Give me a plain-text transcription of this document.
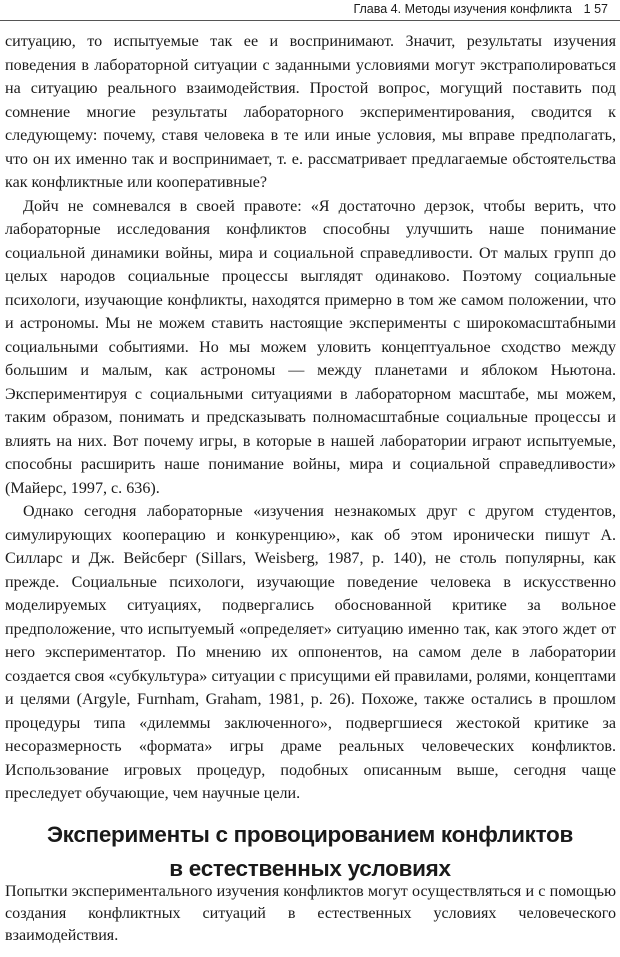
Глава 4. Методы изучения конфликта 1 57

ситуацию, то испытуемые так ее и воспринимают. Значит, результаты изучения поведения в лабораторной ситуации с заданными условиями могут экстраполироваться на ситуацию реального взаимодействия. Простой вопрос, могущий поставить под сомнение многие результаты лабораторного экспериментирования, сводится к следующему: почему, ставя человека в те или иные условия, мы вправе предполагать, что он их именно так и воспринимает, т. е. рассматривает предлагаемые обстоятельства как конфликтные или кооперативные?

Дойч не сомневался в своей правоте: «Я достаточно дерзок, чтобы верить, что лабораторные исследования конфликтов способны улучшить наше понимание социальной динамики войны, мира и социальной справедливости. От малых групп до целых народов социальные процессы выглядят одинаково. Поэтому социальные психологи, изучающие конфликты, находятся примерно в том же самом положении, что и астрономы. Мы не можем ставить настоящие эксперименты с широкомасштабными социальными событиями. Но мы можем уловить концептуальное сходство между большим и малым, как астрономы — между планетами и яблоком Ньютона. Экспериментируя с социальными ситуациями в лабораторном масштабе, мы можем, таким образом, понимать и предсказывать полномасштабные социальные процессы и влиять на них. Вот почему игры, в которые в нашей лаборатории играют испытуемые, способны расширить наше понимание войны, мира и социальной справедливости» (Майерс, 1997, с. 636).

Однако сегодня лабораторные «изучения незнакомых друг с другом студентов, симулирующих кооперацию и конкуренцию», как об этом иронически пишут А. Силларс и Дж. Вейсберг (Sillars, Weisberg, 1987, p. 140), не столь популярны, как прежде. Социальные психологи, изучающие поведение человека в искусственно моделируемых ситуациях, подвергались обоснованной критике за вольное предположение, что испытуемый «определяет» ситуацию именно так, как этого ждет от него экспериментатор. По мнению их оппонентов, на самом деле в лаборатории создается своя «субкультура» ситуации с присущими ей правилами, ролями, концептами и целями (Argyle, Furnham, Graham, 1981, p. 26). Похоже, также остались в прошлом процедуры типа «дилеммы заключенного», подвергшиеся жестокой критике за несоразмерность «формата» игры драме реальных человеческих конфликтов. Использование игровых процедур, подобных описанным выше, сегодня чаще преследует обучающие, чем научные цели.

Эксперименты с провоцированием конфликтов
в естественных условиях

Попытки экспериментального изучения конфликтов могут осуществляться и с помощью создания конфликтных ситуаций в естественных условиях человеческого взаимодействия.
